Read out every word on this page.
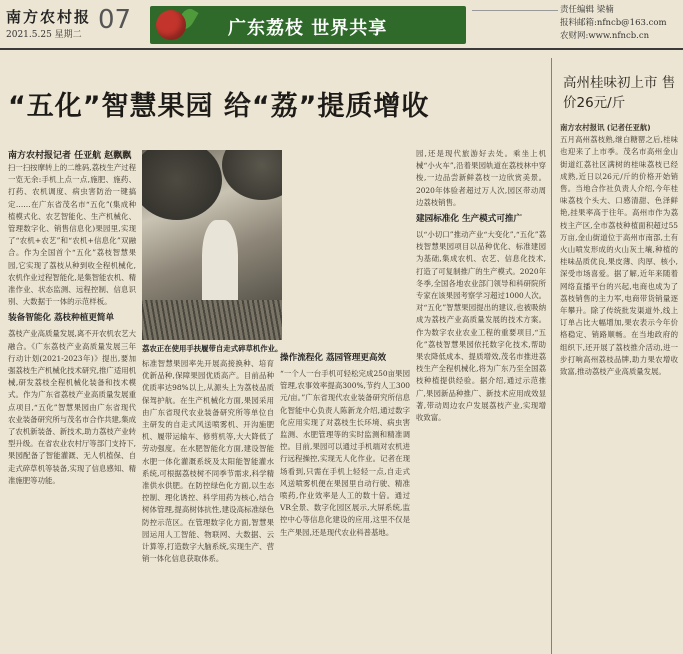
南方农村报
2021.5.25 星期二 07	广东荔枝 世界共享
责任编辑 梁楠
报料邮箱:nfncb@163.com
农财网:www.nfncb.cn
“五化”智慧果园 给“荔”提质增收
高州桂味初上市 售价26元/斤
南方农村报记者 任亚航 赵飘飘
扫一扫按摩转上的二维码,荔枝生产过程一览无余:手机上点一点,施肥、施药、打药、农机调度、病虫害防治一键搞定……在广东省茂名市“五化”(集成种植模式化、农艺智能化、生产机械化、管理数字化、销售信息化)果园里,实现了“农机+农艺”和“农机+信息化”双融合。作为全国首个“五化”荔枝智慧果园,它实现了荔枝从种到收全程机械化,农机作业过程智能化,是集智能农机、精准作业、状态监测、远程控制、信息识别、大数据于一体的示范样板。
装备智能化 荔枝种植更简单
荔枝产业高质量发展,离不开农机农艺大融合。《广东荔枝产业高质量发展三年行动计划(2021-2023年)》提出,要加强荔枝生产机械化技术研究,推广适用机械,研发荔枝全程机械化装备和技术模式。作为广东省荔枝产业高质量发展重点项目,“五化”智慧果园由广东省现代农业装备研究所与茂名市合作共建,集成了农机新装备、新技术,助力荔枝产业转型升级。在省农业农村厅等部门支持下,果园配备了智能灌溉、无人机植保、自走式碎草机等装备,实现了信息感知、精准施肥等功能。
荔农正在使用手扶履带自走式碎草机作业。
标准智慧果园率先开展高接换种、培育优新品种,保障果园优质高产。目前品种优质率达98%以上,从源头上为荔枝品质保驾护航。在生产机械化方面,果园采用由广东省现代农业装备研究所等单位自主研发的自走式风送喷雾机、开沟施肥机、履带运输车、修剪机等,大大降低了劳动强度。在水肥智能化方面,建设智能水肥一体化灌溉系统及太阳能智能灌水系统,可根据荔枝树不同季节需求,科学精准供水供肥。在防控绿色化方面,以生态控制、理化诱控、科学用药为核心,结合树体管理,提高树体抗性,建设高标准绿色防控示范区。在管理数字化方面,智慧果园运用人工智能、物联网、大数据、云计算等,打造数字大脑系统,实现生产、营销一体化信息获取体系。
操作流程化 荔园管理更高效
“一个人一台手机可轻松完成250亩果园管理,农事效率提高300%,节约人工300元/亩。”广东省现代农业装备研究所信息化智能中心负责人陈新龙介绍,通过数字化应用实现了对荔枝生长环境、病虫害监测、水肥管理等的实时监测和精准调控。目前,果园可以通过手机端对农机进行远程操控,实现无人化作业。记者在现场看到,只需在手机上轻轻一点,自走式风送喷雾机便在果园里自动行驶、精准喷药,作业效率是人工的数十倍。通过VR全景、数字化园区展示,大屏系统,监控中心等信息化建设的应用,这里不仅是生产果园,还是现代农业科普基地。
园,还是现代旅游好去处。乘坐上机械“小火车”,沿着果园轨道在荔枝林中穿梭,一边品尝新鲜荔枝一边欣赏美景。2020年体验者超过万人次,园区带动周边荔枝销售。
建园标准化 生产模式可推广
以“小切口”推动产业“大变化”,“五化”荔枝智慧果园项目以品种优化、标准建园为基础,集成农机、农艺、信息化技术,打造了可复制推广的生产模式。2020年冬季,全国各地农业部门领导和科研院所专家在该果园考察学习超过1000人次。对“五化”智慧果园提出的建议,也被吸纳成为荔枝产业高质量发展的技术方案。作为数字农业农业工程的重要项目,“五化”荔枝智慧果园依托数字化技术,帮助果农降低成本、提质增效,茂名市推进荔枝生产全程机械化,将为广东乃至全国荔枝种植提供经验。据介绍,通过示范推广,果园新品种推广、新技术应用成效显著,带动周边农户发展荔枝产业,实现增收致富。
南方农村报讯 (记者任亚航)
五月高州荔枝熟,继白糖罂之后,桂味也迎来了上市季。茂名市高州金山街道红荔社区满树的桂味荔枝已经成熟,近日以26元/斤的价格开始销售。当地合作社负责人介绍,今年桂味荔枝个头大、口感清甜、色泽鲜艳,挂果率高于往年。高州市作为荔枝主产区,全市荔枝种植面积超过55万亩,金山街道位于高州市南部,土有火山喷发形成的火山灰土壤,种植的桂味品质优良,果皮薄、肉厚、核小,深受市场喜爱。据了解,近年来随着网络直播平台的兴起,电商也成为了荔枝销售的主力军,电商带货销量逐年攀升。除了传统批发渠道外,线上订单占比大幅增加,果农表示今年价格稳定、销路顺畅。在当地政府的组织下,还开展了荔枝推介活动,进一步打响高州荔枝品牌,助力果农增收致富,推动荔枝产业高质量发展。
